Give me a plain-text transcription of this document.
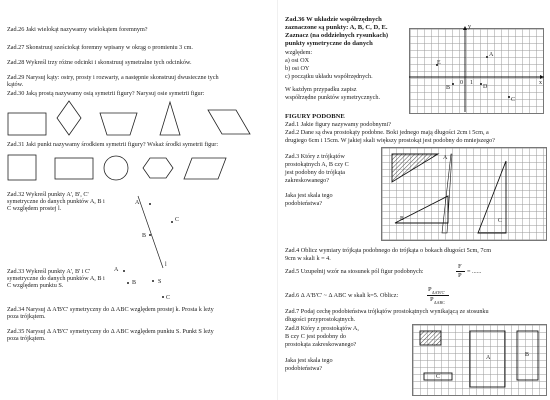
Zad.26 Jaki wielokąt nazywamy wielokątem foremnym?
Zad.27 Skonstruuj sześciokąt foremny wpisany w okrąg o promieniu 3 cm.
Zad.28 Wykreśl trzy różne odcinki i skonstruuj symetralne tych odcinków.
Zad.29 Narysuj kąty: ostry, prosty i rozwarty, a następnie skonstruuj dwusieczne tych
kątów.
Zad.30 Jaką prostą nazywamy osią symetrii figury? Narysuj osie symetrii figur:
Zad.31 Jaki punkt nazywamy środkiem symetrii figury? Wskaż środki symetrii figur:
Zad.32 Wykreśl punkty A', B', C'
symetryczne do danych punktów A, B i
C względem prostej l.
A
C
B
l
Zad.33 Wykreśl punkty A', B' i C'
symetryczne do danych punktów A, B i
C względem punktu S.
A
S
B
C
Zad.34 Narysuj Δ A'B'C' symetryczny do Δ ABC względem prostej k. Prosta k leży
poza trójkątem.
Zad.35 Narysuj Δ A'B'C' symetryczny do Δ ABC względem punktu S. Punkt S leży
poza trójkątem.
Zad.36 W układzie współrzędnych
zaznaczone są punkty: A, B, C, D, E.
Zaznacz (na oddzielnych rysunkach)
punkty symetryczne do danych
względem:
a) osi OX
b) osi OY
c) początku układu współrzędnych.
W każdym przypadku zapisz
współrzędne punktów symetrycznych.
y
x
0 1
A
E
B
C
D
FIGURY PODOBNE
Zad.1 Jakie figury nazywamy podobnymi?
Zad.2 Dane są dwa prostokąty podobne. Boki jednego mają długości 2cm i 5cm, a
drugiego 6cm i 15cm. W jakiej skali większy prostokąt jest podobny do mniejszego?
Zad.3 Który z trójkątów
prostokątnych A, B czy C
jest podobny do trójkąta
zakreskowanego?
Jaka jest skala tego
podobieństwa?
A
B	C
Zad.4 Oblicz wymiary trójkąta podobnego do trójkąta o bokach długości 5cm, 7cm
9cm w skali k = 4.
Zad.5 Uzupełnij wzór na stosunek pól figur podobnych:
F
P
= ......
Zad.6 Δ A'B'C' ~ Δ ABC w skali k=5. Oblicz:
P ΔA'B'C'
P ΔABC
Zad.7 Podaj cechę podobieństwa trójkątów prostokątnych wynikającą ze stosunku
długości przyprostokątnych.
Zad.8 Który z prostokątów A,
B czy C jest podobny do
prostokąta zakreskowanego?
Jaka jest skala tego
podobieństwa?
A	B
C
